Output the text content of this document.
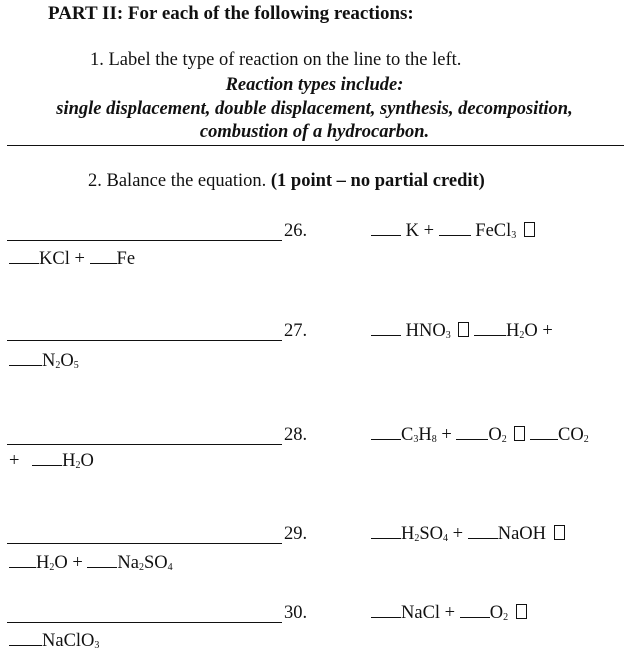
PART II: For each of the following reactions:
1. Label the type of reaction on the line to the left.
Reaction types include:
single displacement, double displacement, synthesis, decomposition,
combustion of a hydrocarbon.
2. Balance the equation. (1 point – no partial credit)
26.	K + FeCl$_3$
KCl + Fe
27.	$HNO_3$	$H_2O$ +
$N_2O_5$
28.	$C_3H_8 + O_2$	$CO_2$
+ $H_2O$
29.	$H_2SO_4$ + NaOH
$H_2O + Na_2SO_4$
30.	NaCl + $O_2$
NaClO$_3$
